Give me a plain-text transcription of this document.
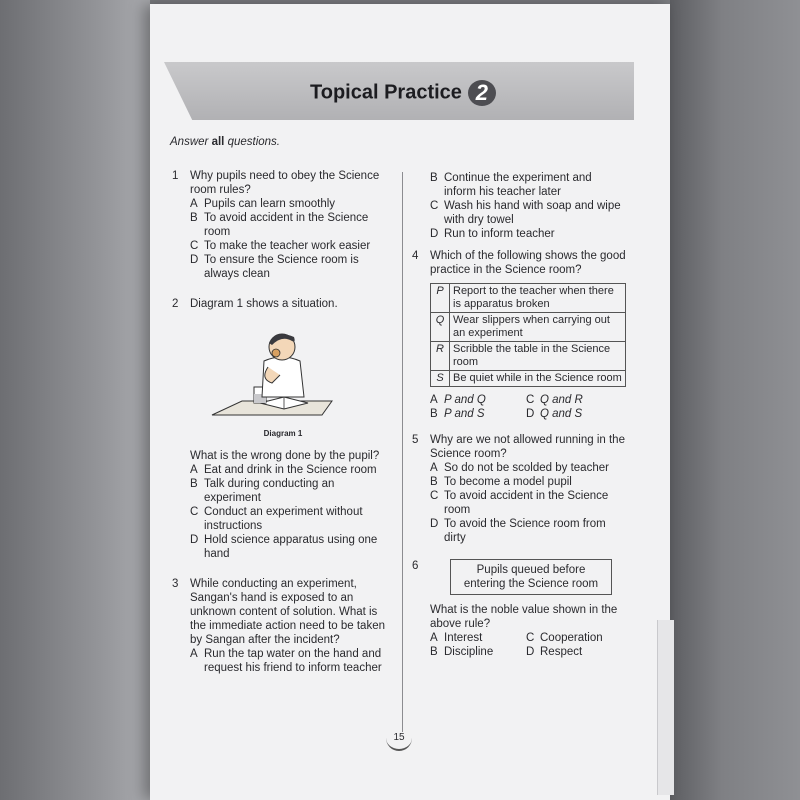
Topical Practice 2
Answer all questions.
1	Why pupils need to obey the Science room rules?
A Pupils can learn smoothly
B To avoid accident in the Science room
C To make the teacher work easier
D To ensure the Science room is always clean
2	Diagram 1 shows a situation.
Diagram 1
What is the wrong done by the pupil?
A Eat and drink in the Science room
B Talk during conducting an experiment
C Conduct an experiment without instructions
D Hold science apparatus using one hand
3	While conducting an experiment, Sangan's hand is exposed to an unknown content of solution. What is the immediate action need to be taken by Sangan after the incident?
A Run the tap water on the hand and request his friend to inform teacher
B Continue the experiment and inform his teacher later
C Wash his hand with soap and wipe with dry towel
D Run to inform teacher
4	Which of the following shows the good practice in the Science room?
P	Report to the teacher when there is apparatus broken
Q	Wear slippers when carrying out an experiment
R	Scribble the table in the Science room
S	Be quiet while in the Science room
A P and Q	C Q and R
B P and S	D Q and S
5	Why are we not allowed running in the Science room?
A So do not be scolded by teacher
B To become a model pupil
C To avoid accident in the Science room
D To avoid the Science room from dirty
6	Pupils queued before entering the Science room
What is the noble value shown in the above rule?
A Interest	C Cooperation
B Discipline	D Respect
15
